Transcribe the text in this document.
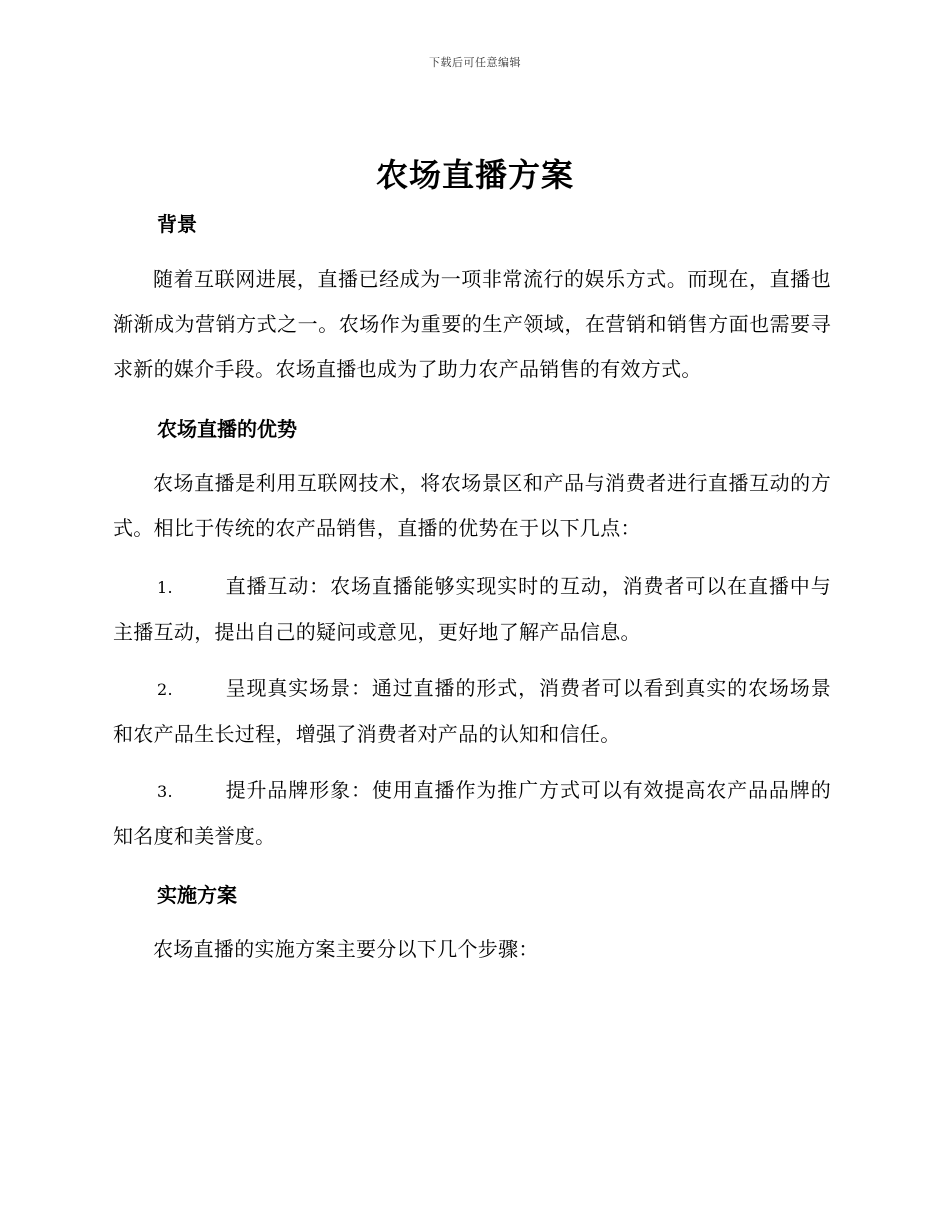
下载后可任意编辑
农场直播方案
背景

随着互联网进展，直播已经成为一项非常流行的娱乐方式。而现在，直播也渐渐成为营销方式之一。农场作为重要的生产领域，在营销和销售方面也需要寻求新的媒介手段。农场直播也成为了助力农产品销售的有效方式。

农场直播的优势

农场直播是利用互联网技术，将农场景区和产品与消费者进行直播互动的方式。相比于传统的农产品销售，直播的优势在于以下几点：

1.	直播互动：农场直播能够实现实时的互动，消费者可以在直播中与主播互动，提出自己的疑问或意见，更好地了解产品信息。

2.	呈现真实场景：通过直播的形式，消费者可以看到真实的农场场景和农产品生长过程，增强了消费者对产品的认知和信任。

3.	提升品牌形象：使用直播作为推广方式可以有效提高农产品品牌的知名度和美誉度。

实施方案

农场直播的实施方案主要分以下几个步骤：
